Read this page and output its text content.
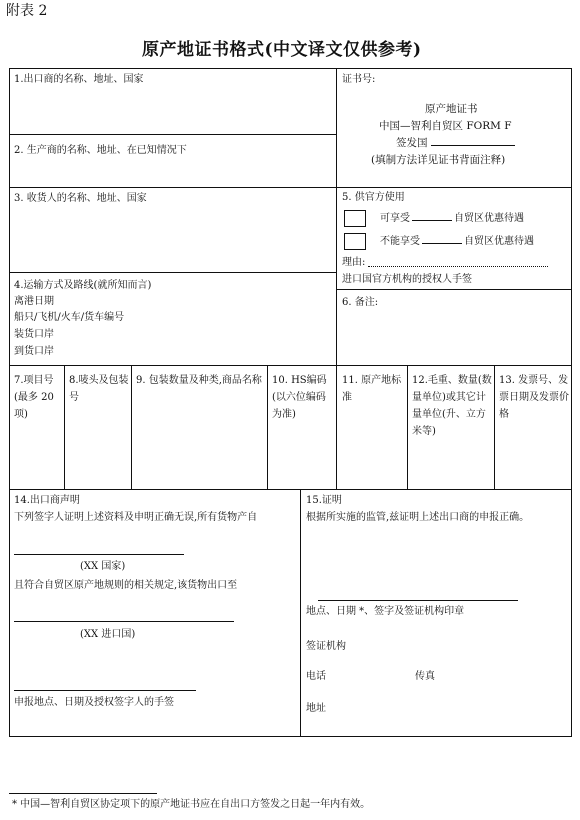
附表 2
原产地证书格式(中文译文仅供参考)
1.出口商的名称、地址、国家
2. 生产商的名称、地址、在已知情况下
3. 收货人的名称、地址、国家
4.运输方式及路线(就所知而言)
离港日期
船只/飞机/火车/货车编号
装货口岸
到货口岸
证书号:
原产地证书
中国—智利自贸区 FORM F
签发国
(填制方法详见证书背面注释)
5. 供官方使用
可享受	自贸区优惠待遇
不能享受	自贸区优惠待遇
理由:
进口国官方机构的授权人手签
6. 备注:
7.项目号 (最多 20 项)
8.唛头及包装号
9. 包装数量及种类,商品名称	10. HS编码 (以六位编码为准)
11. 原产地标准
12.毛重、数量(数量单位)或其它计量单位(升、立方米等)
13. 发票号、发票日期及发票价格
14.出口商声明
下列签字人证明上述资料及申明正确无误,所有货物产自
(XX 国家)
且符合自贸区原产地规则的相关规定,该货物出口至
(XX 进口国)
申报地点、日期及授权签字人的手签
15.证明
根据所实施的监管,兹证明上述出口商的申报正确。
地点、日期 *、签字及签证机构印章
签证机构
电话	传真
地址
* 中国—智利自贸区协定项下的原产地证书应在自出口方签发之日起一年内有效。
